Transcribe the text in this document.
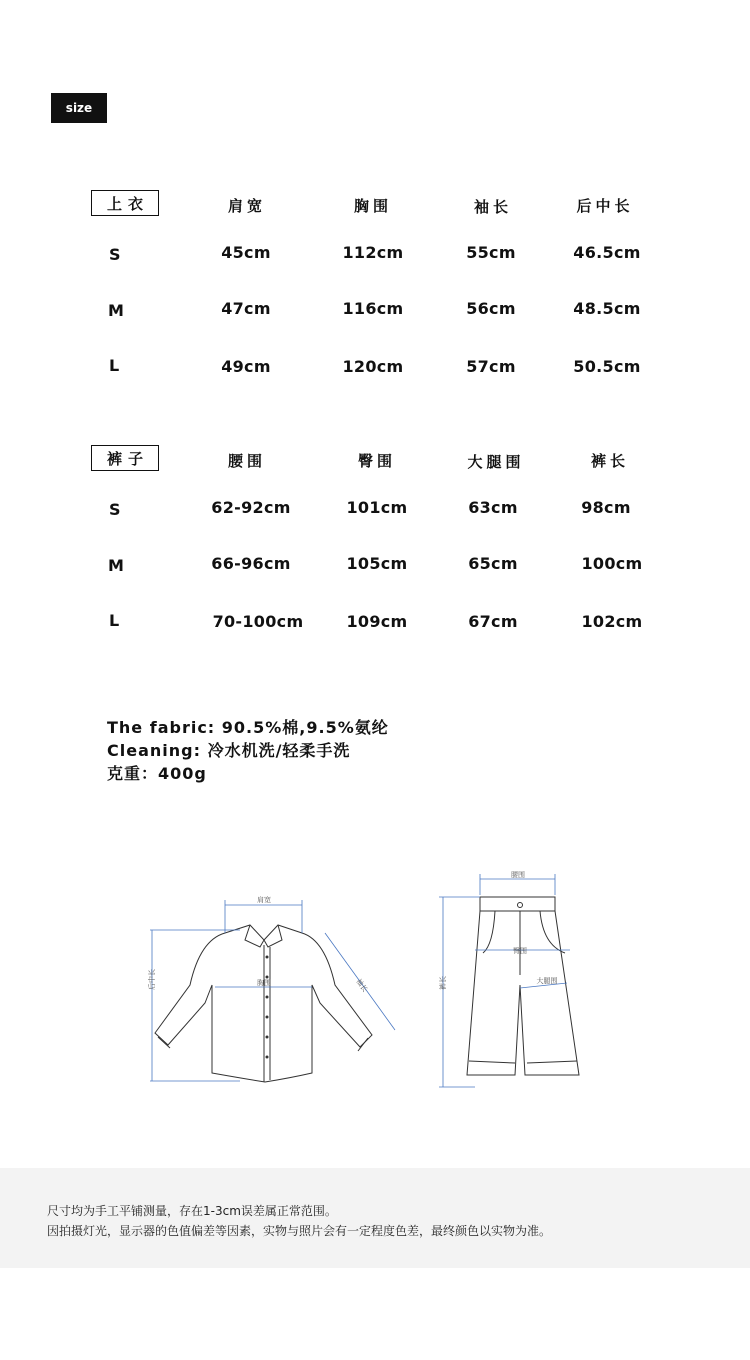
size
上衣	肩宽	胸围	袖长	后中长
S	45cm	112cm	55cm	46.5cm
M	47cm	116cm	56cm	48.5cm
L	49cm	120cm	57cm	50.5cm
裤子	腰围	臀围	大腿围	裤长
S	62-92cm	101cm	63cm	98cm
M	66-96cm	105cm	65cm	100cm
L	70-100cm	109cm	67cm	102cm
The fabric: 90.5%棉,9.5%氨纶
Cleaning: 冷水机洗/轻柔手洗
克重：400g
肩宽
胸围	袖长
后中长
腰围
臀围
大腿围
裤长
尺寸均为手工平铺测量，存在1-3cm误差属正常范围。
因拍摄灯光，显示器的色值偏差等因素，实物与照片会有一定程度色差，最终颜色以实物为准。
